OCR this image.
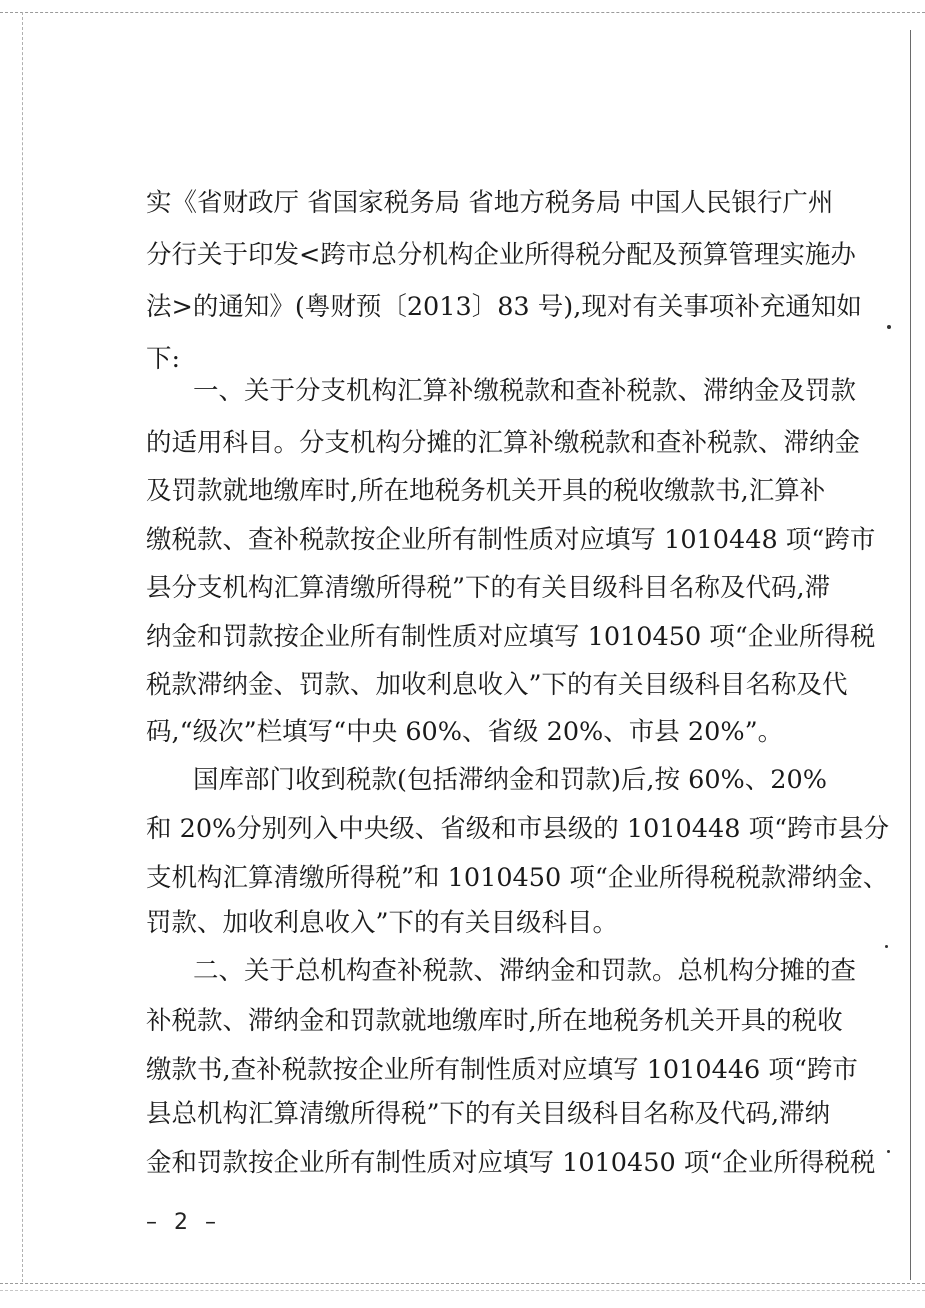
实《省财政厅 省国家税务局 省地方税务局 中国人民银行广州
分行关于印发<跨市总分机构企业所得税分配及预算管理实施办
法>的通知》(粤财预〔2013〕83 号),现对有关事项补充通知如
下:
一、关于分支机构汇算补缴税款和查补税款、滞纳金及罚款
的适用科目。分支机构分摊的汇算补缴税款和查补税款、滞纳金
及罚款就地缴库时,所在地税务机关开具的税收缴款书,汇算补
缴税款、查补税款按企业所有制性质对应填写 1010448 项“跨市
县分支机构汇算清缴所得税”下的有关目级科目名称及代码,滞
纳金和罚款按企业所有制性质对应填写 1010450 项“企业所得税
税款滞纳金、罚款、加收利息收入”下的有关目级科目名称及代
码,“级次”栏填写“中央 60%、省级 20%、市县 20%”。
国库部门收到税款(包括滞纳金和罚款)后,按 60%、20%
和 20%分别列入中央级、省级和市县级的 1010448 项“跨市县分
支机构汇算清缴所得税”和 1010450 项“企业所得税税款滞纳金、
罚款、加收利息收入”下的有关目级科目。
二、关于总机构查补税款、滞纳金和罚款。总机构分摊的查
补税款、滞纳金和罚款就地缴库时,所在地税务机关开具的税收
缴款书,查补税款按企业所有制性质对应填写 1010446 项“跨市
县总机构汇算清缴所得税”下的有关目级科目名称及代码,滞纳
金和罚款按企业所有制性质对应填写 1010450 项“企业所得税税
– 2 –
